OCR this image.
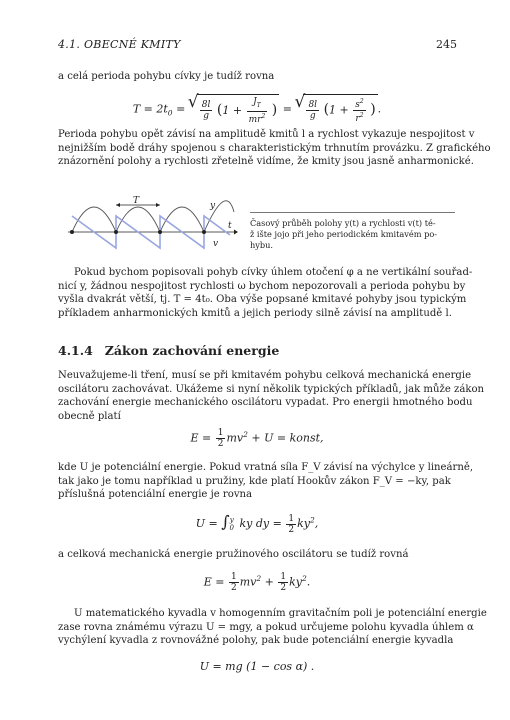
4.1. OBECNÉ KMITY	245
a celá perioda pohybu cívky je tudíž rovna
$T = 2t_0$ = √ $\frac{8l}{g} (1 + \frac{J_T}{mr^2}$ ) = √ $\frac{8l}{g} (1 + \frac{s^2}{r^2}$ ) .
Perioda pohybu opět závisí na amplitudě kmitů l a rychlost vykazuje nespojitost v
nejnižším bodě dráhy spojenou s charakteristickým trhnutím provázku. Z grafického
znázornění polohy a rychlosti zřetelně vidíme, že kmity jsou jasně anharmonické.
T	y
t
v
Časový průběh polohy y(t) a rychlosti v(t) té-
ž ište jojo při jeho periodickém kmitavém po-
hybu.
Pokud bychom popisovali pohyb cívky úhlem otočení φ a ne vertikální souřad-
nicí y, žádnou nespojitost rychlosti ω bychom nepozorovali a perioda pohybu by
vyšla dvakrát větší, tj. T = 4t₀. Oba výše popsané kmitavé pohyby jsou typickým
příkladem anharmonických kmitů a jejich periody silně závisí na amplitudě l.
4.1.4 Zákon zachování energie
Neuvažujeme-li tření, musí se při kmitavém pohybu celková mechanická energie
oscilátoru zachovávat. Ukážeme si nyní několik typických příkladů, jak může zákon
zachování energie mechanického oscilátoru vypadat. Pro energii hmotného bodu
obecně platí
$E = \frac{1}{2} mv^2 + U$ = konst,
kde U je potenciální energie. Pokud vratná síla F_V závisí na výchylce y lineárně,
tak jako je tomu například u pružiny, kde platí Hookův zákon F_V = −ky, pak
příslušná potenciální energie je rovna
U = ∫ y
0 ky dy = $\frac{1}{2} ky^2$,
a celková mechanická energie pružinového oscilátoru se tudíž rovná
$E = \frac{1}{2} mv^2 + \frac{1}{2} ky^2$.
U matematického kyvadla v homogenním gravitačním poli je potenciální energie
zase rovna známému výrazu U = mgy, a pokud určujeme polohu kyvadla úhlem α
vychýlení kyvadla z rovnovážné polohy, pak bude potenciální energie kyvadla
U = mg (1 − cos α) .
